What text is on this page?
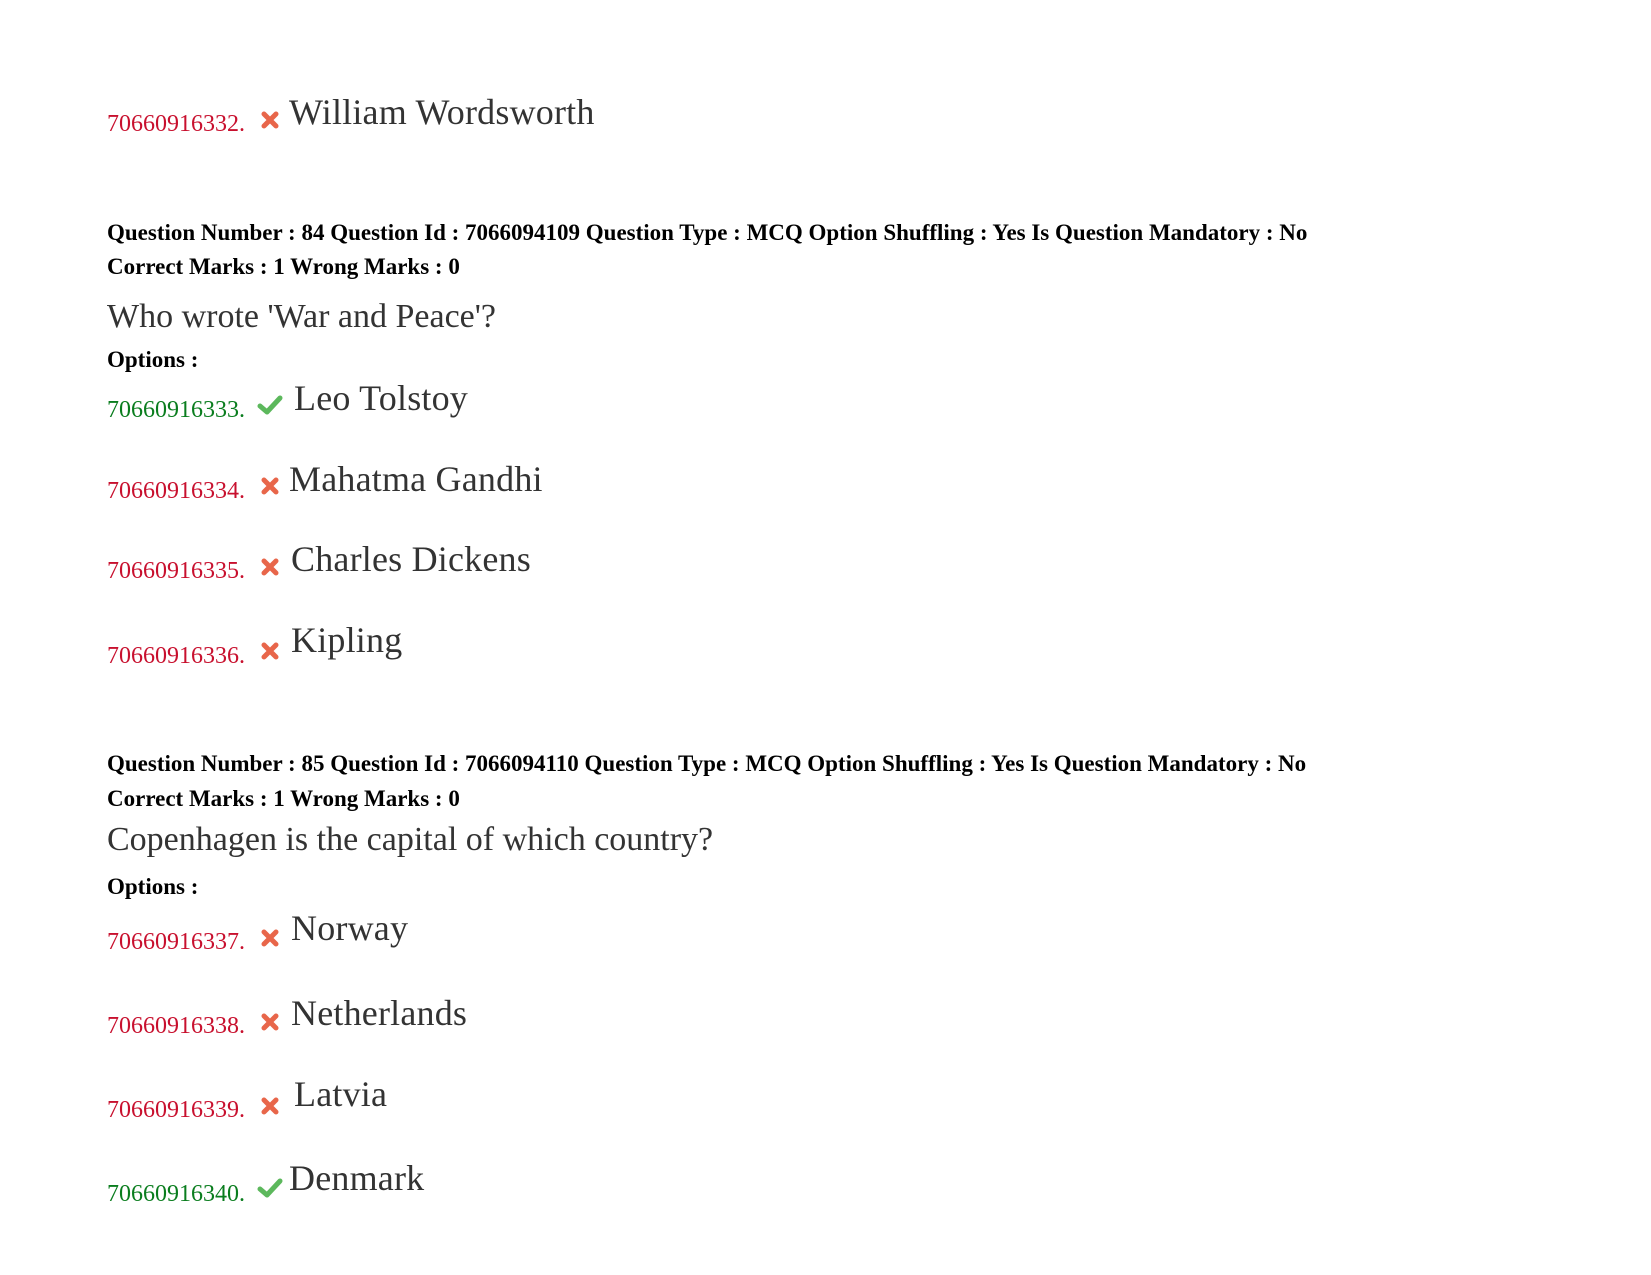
70660916332. William Wordsworth
Question Number : 84 Question Id : 7066094109 Question Type : MCQ Option Shuffling : Yes Is Question Mandatory : No
Correct Marks : 1 Wrong Marks : 0
Who wrote 'War and Peace'?
Options :
70660916333. Leo Tolstoy
70660916334. Mahatma Gandhi
70660916335. Charles Dickens
70660916336. Kipling
Question Number : 85 Question Id : 7066094110 Question Type : MCQ Option Shuffling : Yes Is Question Mandatory : No
Correct Marks : 1 Wrong Marks : 0
Copenhagen is the capital of which country?
Options :
70660916337. Norway
70660916338. Netherlands
70660916339. Latvia
70660916340. Denmark
